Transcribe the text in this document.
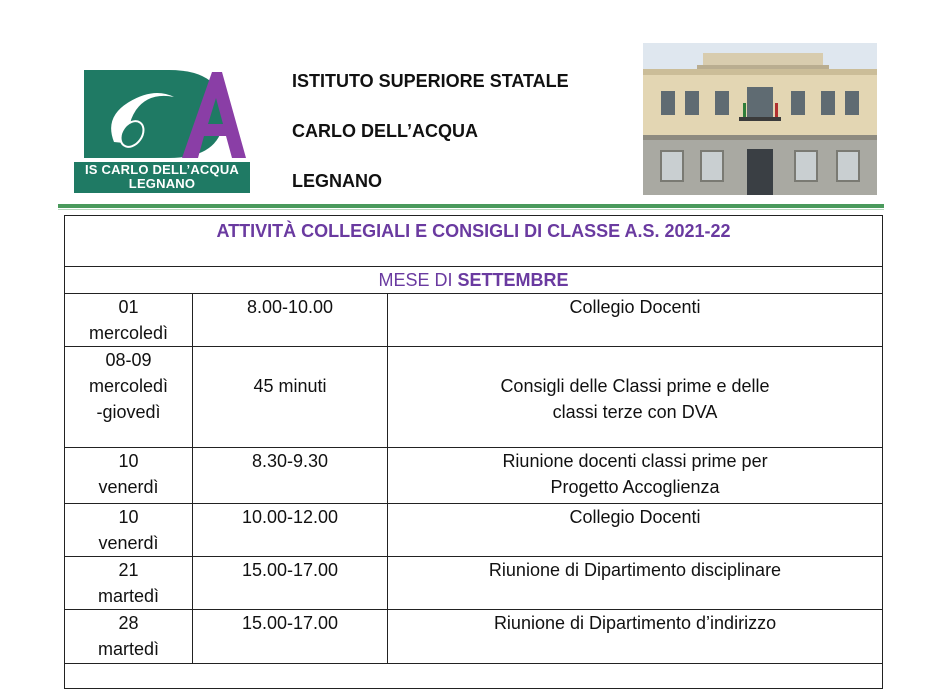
IS CARLO DELL’ACQUA
LEGNANO
ISTITUTO SUPERIORE STATALE
CARLO DELL’ACQUA
LEGNANO
ATTIVITÀ COLLEGIALI E CONSIGLI DI CLASSE A.S. 2021-22		
MESE DI SETTEMBRE		

01
mercoledì	8.00-10.00	Collegio Docenti

08-09
mercoledì
-giovedì	45 minuti	Consigli delle Classi prime e delle
classi terze con DVA

10
venerdì	8.30-9.30	Riunione docenti classi prime per
Progetto Accoglienza

10
venerdì	10.00-12.00	Collegio Docenti

21
martedì	15.00-17.00	Riunione di Dipartimento disciplinare

28
martedì	15.00-17.00	Riunione di Dipartimento d’indirizzo
